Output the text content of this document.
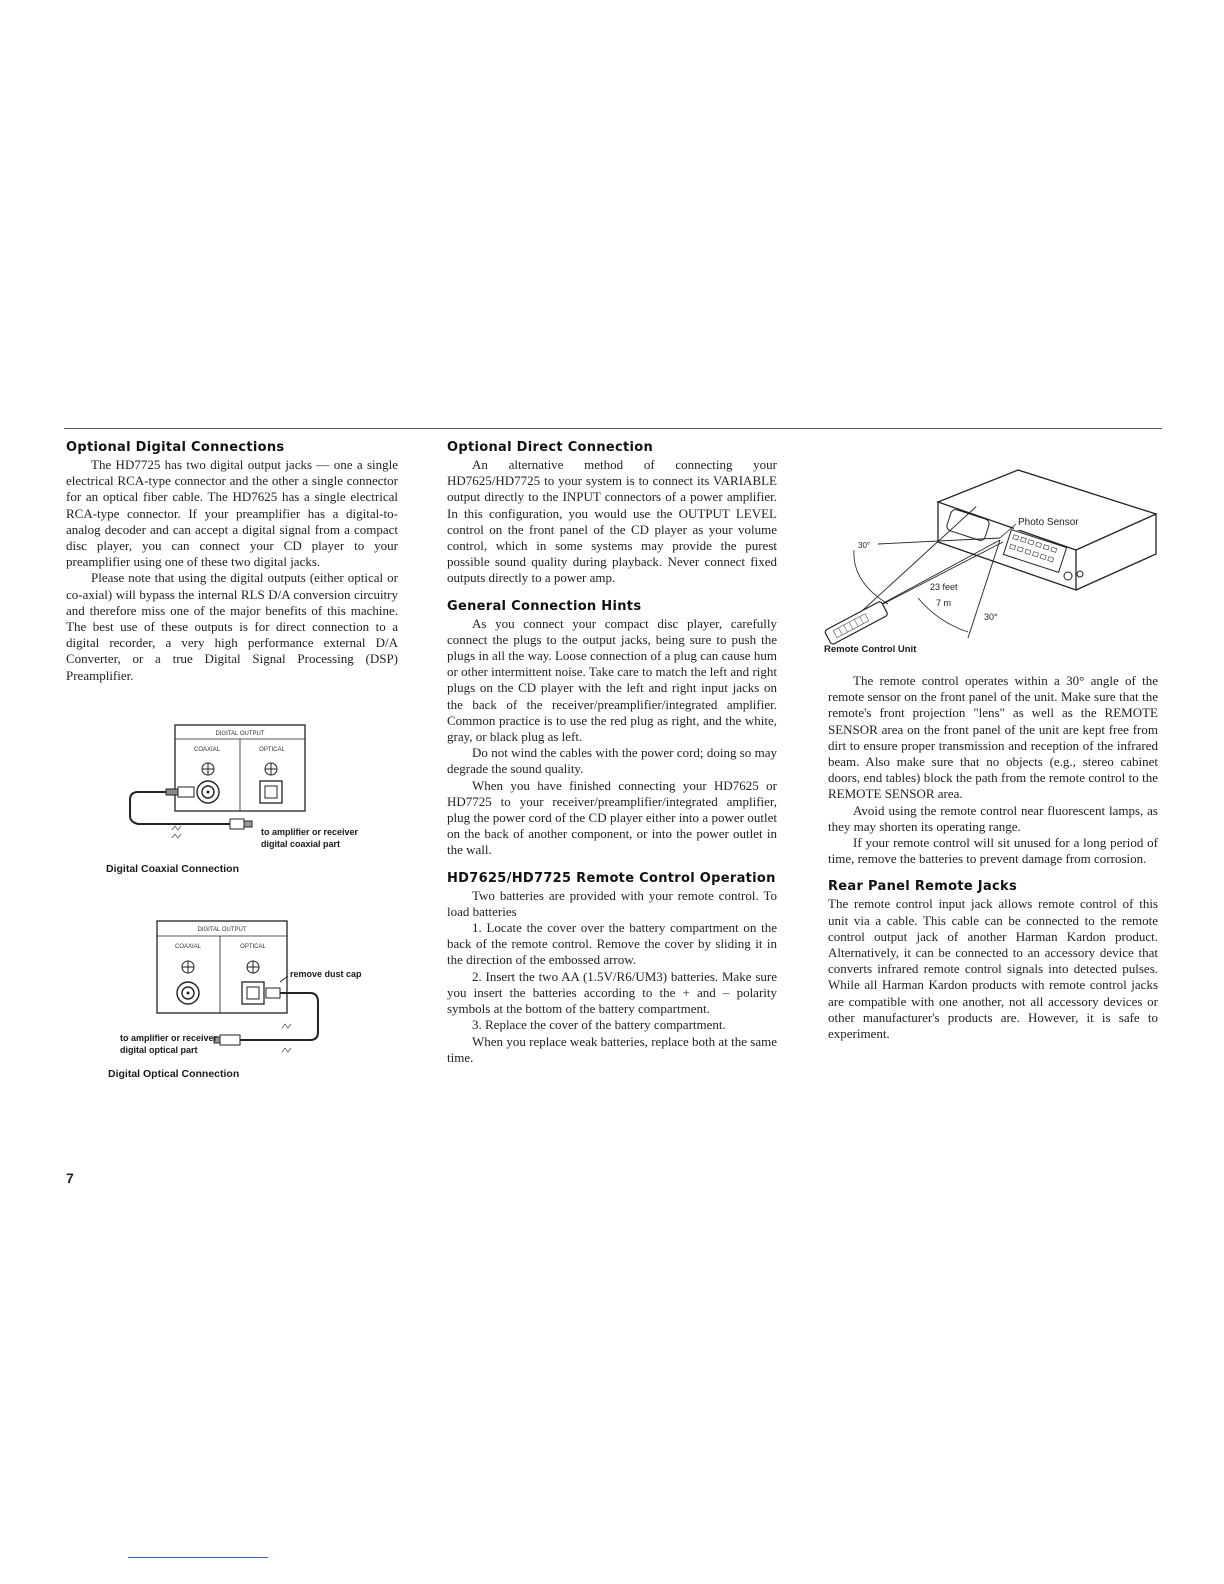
Optional Digital Connections

The HD7725 has two digital output jacks — one a single electrical RCA-type connector and the other a single connector for an optical fiber cable. The HD7625 has a single electrical RCA-type connector. If your preamplifier has a digital-to-analog decoder and can accept a digital signal from a compact disc player, you can connect your CD player to your preamplifier using one of these two digital jacks.

Please note that using the digital outputs (either optical or co-axial) will bypass the internal RLS D/A conversion circuitry and therefore miss one of the major benefits of this machine. The best use of these outputs is for direct connection to a digital recorder, a very high performance external D/A Converter, or a true Digital Signal Processing (DSP) Preamplifier.

DIGITAL OUTPUT
COAXIAL	OPTICAL
to amplifier or receiver
digital coaxial part
Digital Coaxial Connection
DIGITAL OUTPUT
COAXIAL	OPTICAL
remove dust cap
to amplifier or receiver
digital optical part
Digital Optical Connection
Optional Direct Connection

An alternative method of connecting your HD7625/HD7725 to your system is to connect its VARIABLE output directly to the INPUT connectors of a power amplifier. In this configuration, you would use the OUTPUT LEVEL control on the front panel of the CD player as your volume control, which in some systems may provide the purest possible sound quality during playback. Never connect fixed outputs directly to a power amp.

General Connection Hints

As you connect your compact disc player, carefully connect the plugs to the output jacks, being sure to push the plugs in all the way. Loose connection of a plug can cause hum or other intermittent noise. Take care to match the left and right plugs on the CD player with the left and right input jacks on the back of the receiver/preamplifier/integrated amplifier. Common practice is to use the red plug as right, and the white, gray, or black plug as left.

Do not wind the cables with the power cord; doing so may degrade the sound quality.

When you have finished connecting your HD7625 or HD7725 to your receiver/preamplifier/integrated amplifier, plug the power cord of the CD player either into a power outlet on the back of another component, or into the power outlet in the wall.

HD7625/HD7725 Remote Control Operation

Two batteries are provided with your remote control. To load batteries

1. Locate the cover over the battery compartment on the back of the remote control. Remove the cover by sliding it in the direction of the embossed arrow.

2. Insert the two AA (1.5V/R6/UM3) batteries. Make sure you insert the batteries according to the + and – polarity symbols at the bottom of the battery compartment.

3. Replace the cover of the battery compartment.

When you replace weak batteries, replace both at the same time.

Photo Sensor
30°
30°
23 feet
7 m
Remote Control Unit

The remote control operates within a 30° angle of the remote sensor on the front panel of the unit. Make sure that the remote's front projection "lens" as well as the REMOTE SENSOR area on the front panel of the unit are kept free from dirt to ensure proper transmission and reception of the infrared beam. Also make sure that no objects (e.g., stereo cabinet doors, end tables) block the path from the remote control to the REMOTE SENSOR area.

Avoid using the remote control near fluorescent lamps, as they may shorten its operating range.

If your remote control will sit unused for a long period of time, remove the batteries to prevent damage from corrosion.

Rear Panel Remote Jacks

The remote control input jack allows remote control of this unit via a cable. This cable can be connected to the remote control output jack of another Harman Kardon product. Alternatively, it can be connected to an accessory device that converts infrared remote control signals into detected pulses. While all Harman Kardon products with remote control jacks are compatible with one another, not all accessory devices or other manufacturer's products are. However, it is safe to experiment.

7
